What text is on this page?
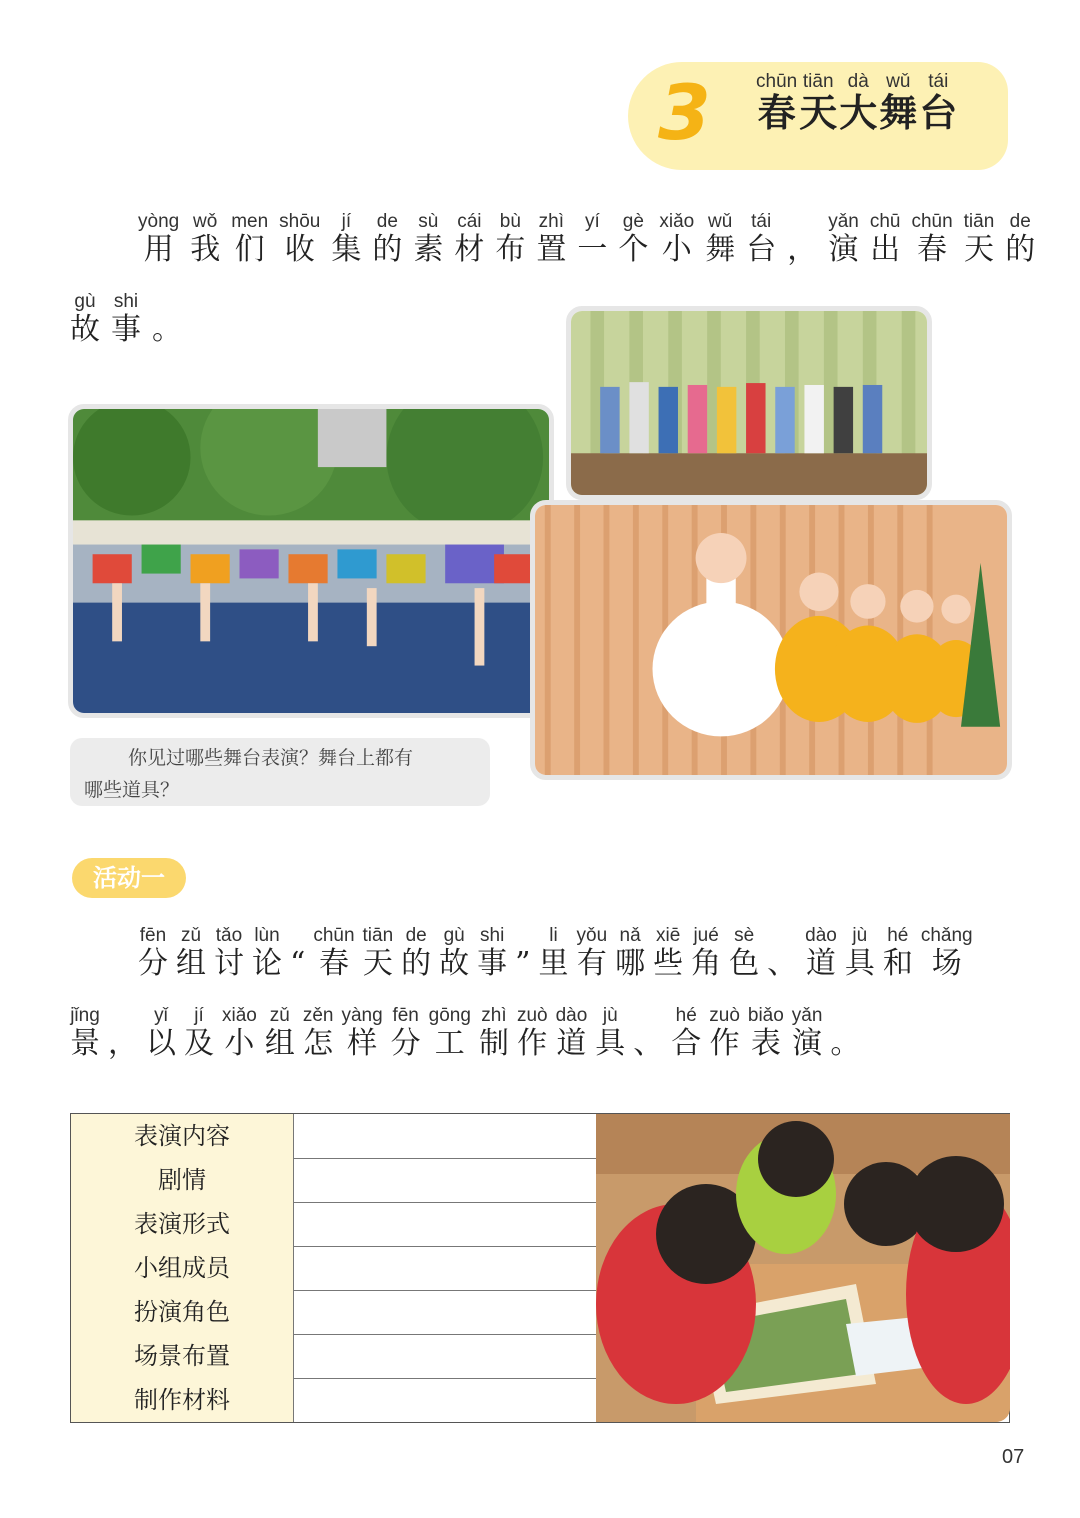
3 春chūn天tiān大dà舞wǔ台tái
用yòng我wǒ们men收shōu集jí的de素sù材cái布bù置zhì一yí个gè小xiǎo舞wǔ台tái， 演yǎn出chū春chūn天tiān的de
故gù事shi。
你见过哪些舞台表演？舞台上都有
哪些道具？
活动一
分fēn组zǔ讨tǎo论lùn“ 春chūn天tiān的de故gù事shi” 里li有yǒu哪nǎ些xiē角jué色sè、 道dào具jù和hé场chǎng
景jǐng， 以yǐ及jí小xiǎo组zǔ怎zěn样yàng分fēn工gōng制zhì作zuò道dào具jù、 合hé作zuò表biǎo演yǎn。
表演内容
剧情
表演形式
小组成员
扮演角色
场景布置
制作材料
07
